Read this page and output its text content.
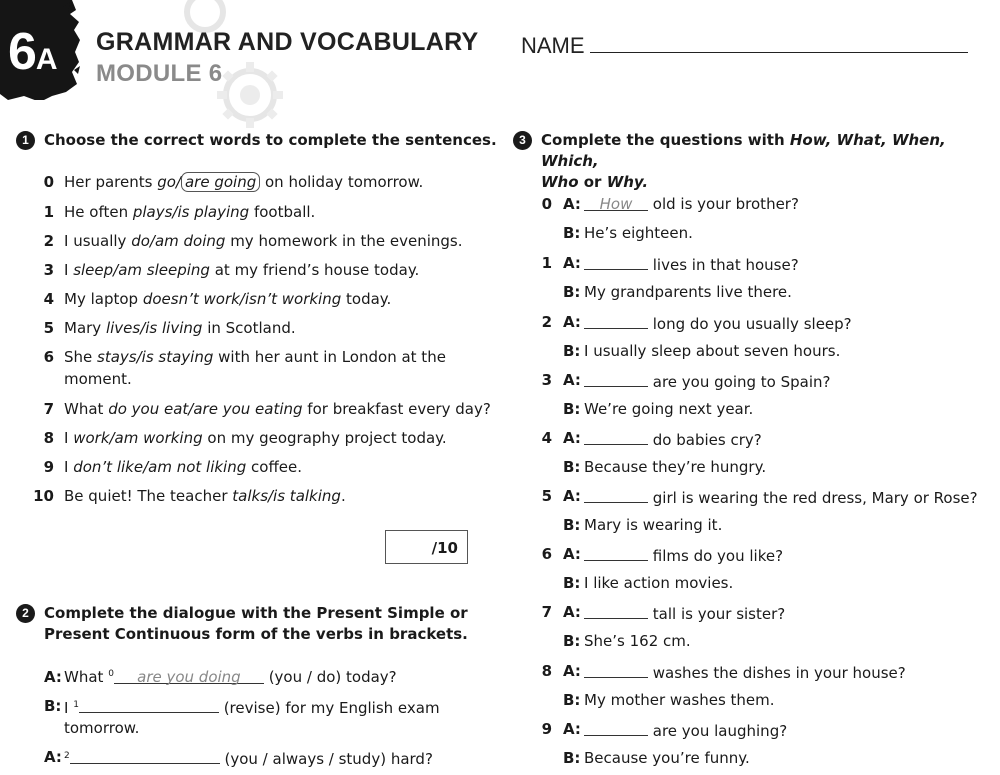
6A
GRAMMAR AND VOCABULARY
MODULE 6
NAME
1	Choose the correct words to complete the sentences.
/10
2	Complete the dialogue with the Present Simple or
Present Continuous form of the verbs in brackets.
3	Complete the questions with How, What, When, Which,
Who or Why.
0 Her parents go/ are going on holiday tomorrow.
1 He often plays/is playing football.
2 I usually do/am doing my homework in the evenings.
3 I sleep/am sleeping at my friend’s house today.
4 My laptop doesn’t work/isn’t working today.
5 Mary lives/is living in Scotland.
6 She stays/is staying with her aunt in London at the
moment.
7 What do you eat/are you eating for breakfast every day?
8 I work/am working on my geography project today.
9 I don’t like/am not liking coffee.
10 Be quiet! The teacher talks/is talking.
A: What $^0$ are you doing (you / do) today?
B: I $^1$	(revise) for my English exam
tomorrow.
A: $^2$	(you / always / study) hard?
0 A:	How old is your brother?
B: He’s eighteen.
1 A:	lives in that house?
B: My grandparents live there.
2 A:	long do you usually sleep?
B: I usually sleep about seven hours.
3 A:	are you going to Spain?
B: We’re going next year.
4 A:	do babies cry?
B: Because they’re hungry.
5 A:	girl is wearing the red dress, Mary or Rose?
B: Mary is wearing it.
6 A:	films do you like?
B: I like action movies.
7 A:	tall is your sister?
B: She’s 162 cm.
8 A:	washes the dishes in your house?
B: My mother washes them.
9 A:	are you laughing?
B: Because you’re funny.
